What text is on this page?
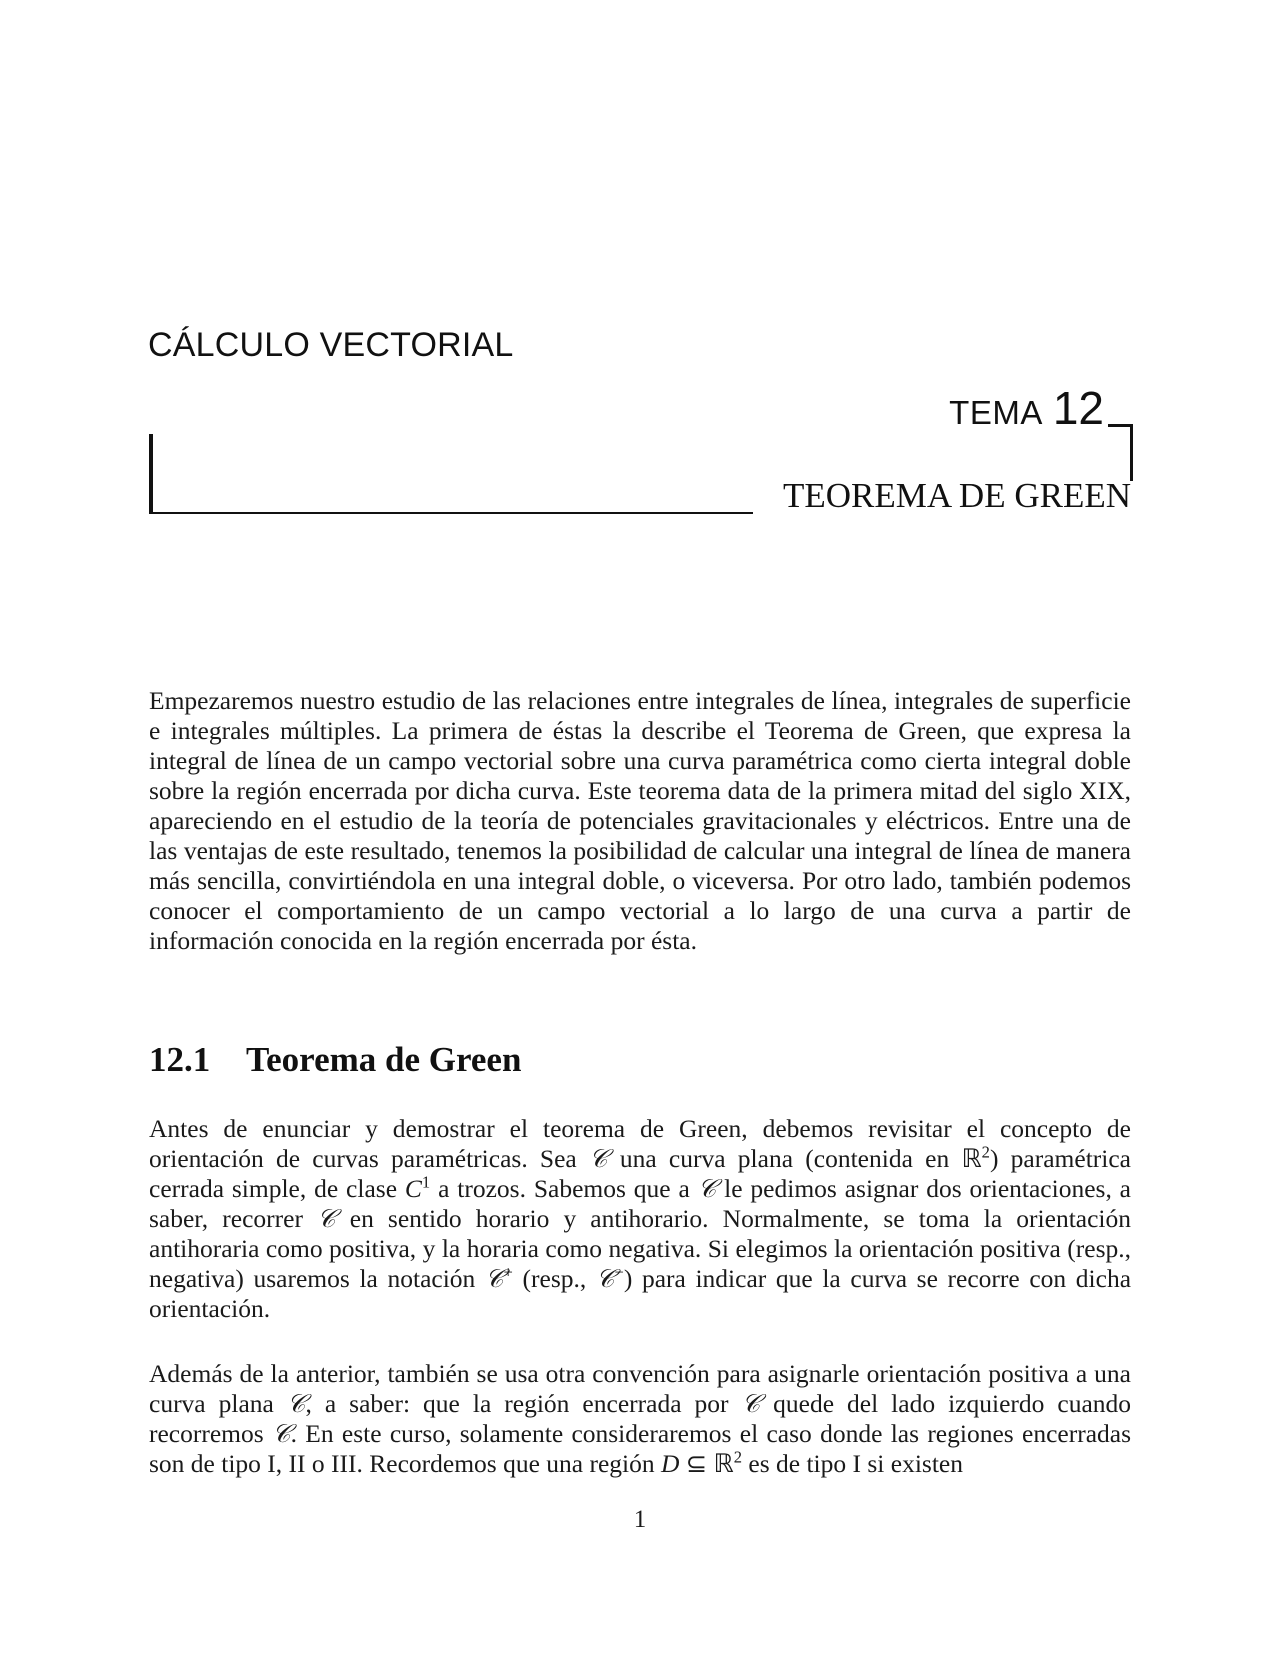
CÁLCULO VECTORIAL
TEMA 12
TEOREMA DE GREEN

Empezaremos nuestro estudio de las relaciones entre integrales de línea, integrales de superficie e integrales múltiples. La primera de éstas la describe el Teorema de Green, que expresa la integral de línea de un campo vectorial sobre una curva paramétrica como cierta integral doble sobre la región encerrada por dicha curva. Este teorema data de la primera mitad del siglo XIX, apareciendo en el estudio de la teoría de potenciales gravitacionales y eléctricos. Entre una de las ventajas de este resultado, tenemos la posibilidad de calcular una integral de línea de manera más sencilla, convirtiéndola en una integral doble, o viceversa. Por otro lado, también podemos conocer el comportamiento de un campo vectorial a lo largo de una curva a partir de información conocida en la región encerrada por ésta.

12.1 Teorema de Green

Antes de enunciar y demostrar el teorema de Green, debemos revisitar el concepto de orientación de curvas paramétricas. Sea 𝒞 una curva plana (contenida en ℝ$^2$) paramétrica cerrada simple, de clase $C^1$ a trozos. Sabemos que a 𝒞 le pedimos asignar dos orientaciones, a saber, recorrer 𝒞 en sentido horario y antihorario. Normalmente, se toma la orientación antihoraria como positiva, y la horaria como negativa. Si elegimos la orientación positiva (resp., negativa) usaremos la notación 𝒞+ (resp., 𝒞−) para indicar que la curva se recorre con dicha orientación.

Además de la anterior, también se usa otra convención para asignarle orientación positiva a una curva plana 𝒞, a saber: que la región encerrada por 𝒞 quede del lado izquierdo cuando recorremos 𝒞. En este curso, solamente consideraremos el caso donde las regiones encerradas son de tipo I, II o III. Recordemos que una región D ⊆ ℝ$^2$ es de tipo I si existen

1
